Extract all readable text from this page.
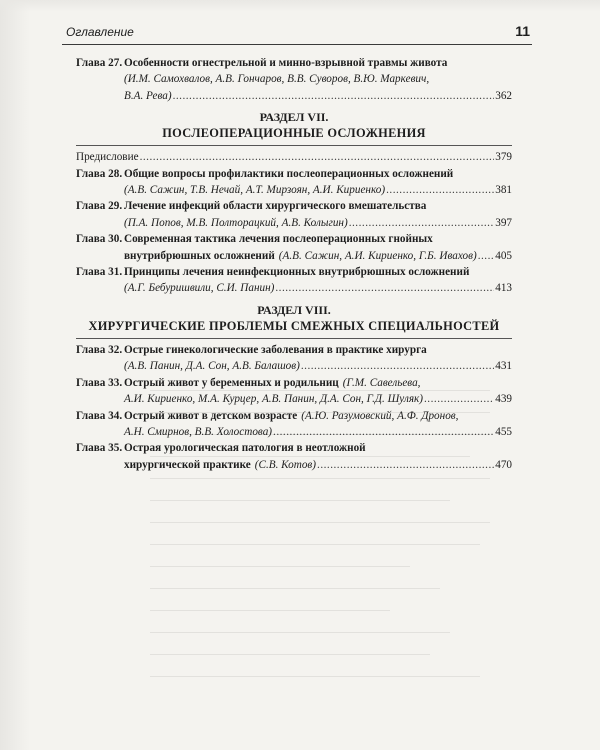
Оглавление	11
Глава 27. Особенности огнестрельной и минно-взрывной травмы живота
(И.М. Самохвалов, А.В. Гончаров, В.В. Суворов, В.Ю. Маркевич,
В.А. Рева) .....	362
РАЗДЕЛ VII.
ПОСЛЕОПЕРАЦИОННЫЕ ОСЛОЖНЕНИЯ
Предисловие .....	379
Глава 28. Общие вопросы профилактики послеоперационных осложнений
(А.В. Сажин, Т.В. Нечай, А.Т. Мирзоян, А.И. Кириенко) .....	381
Глава 29. Лечение инфекций области хирургического вмешательства
(П.А. Попов, М.В. Полторацкий, А.В. Колыгин) .....	397
Глава 30. Современная тактика лечения послеоперационных гнойных
внутрибрюшных осложнений (А.В. Сажин, А.И. Кириенко, Г.Б. Ивахов) ..... 405
Глава 31. Принципы лечения неинфекционных внутрибрюшных осложнений
(А.Г. Бебуришвили, С.И. Панин) .....	413
РАЗДЕЛ VIII.
ХИРУРГИЧЕСКИЕ ПРОБЛЕМЫ СМЕЖНЫХ СПЕЦИАЛЬНОСТЕЙ
Глава 32. Острые гинекологические заболевания в практике хирурга
(А.В. Панин, Д.А. Сон, А.В. Балашов) .....	431
Глава 33. Острый живот у беременных и родильниц (Г.М. Савельева,
А.И. Кириенко, М.А. Курцер, А.В. Панин, Д.А. Сон, Г.Д. Шуляк) .....	439
Глава 34. Острый живот в детском возрасте (А.Ю. Разумовский, А.Ф. Дронов,
А.Н. Смирнов, В.В. Холостова) .....	455
Глава 35. Острая урологическая патология в неотложной
хирургической практике (С.В. Котов) .....	470
